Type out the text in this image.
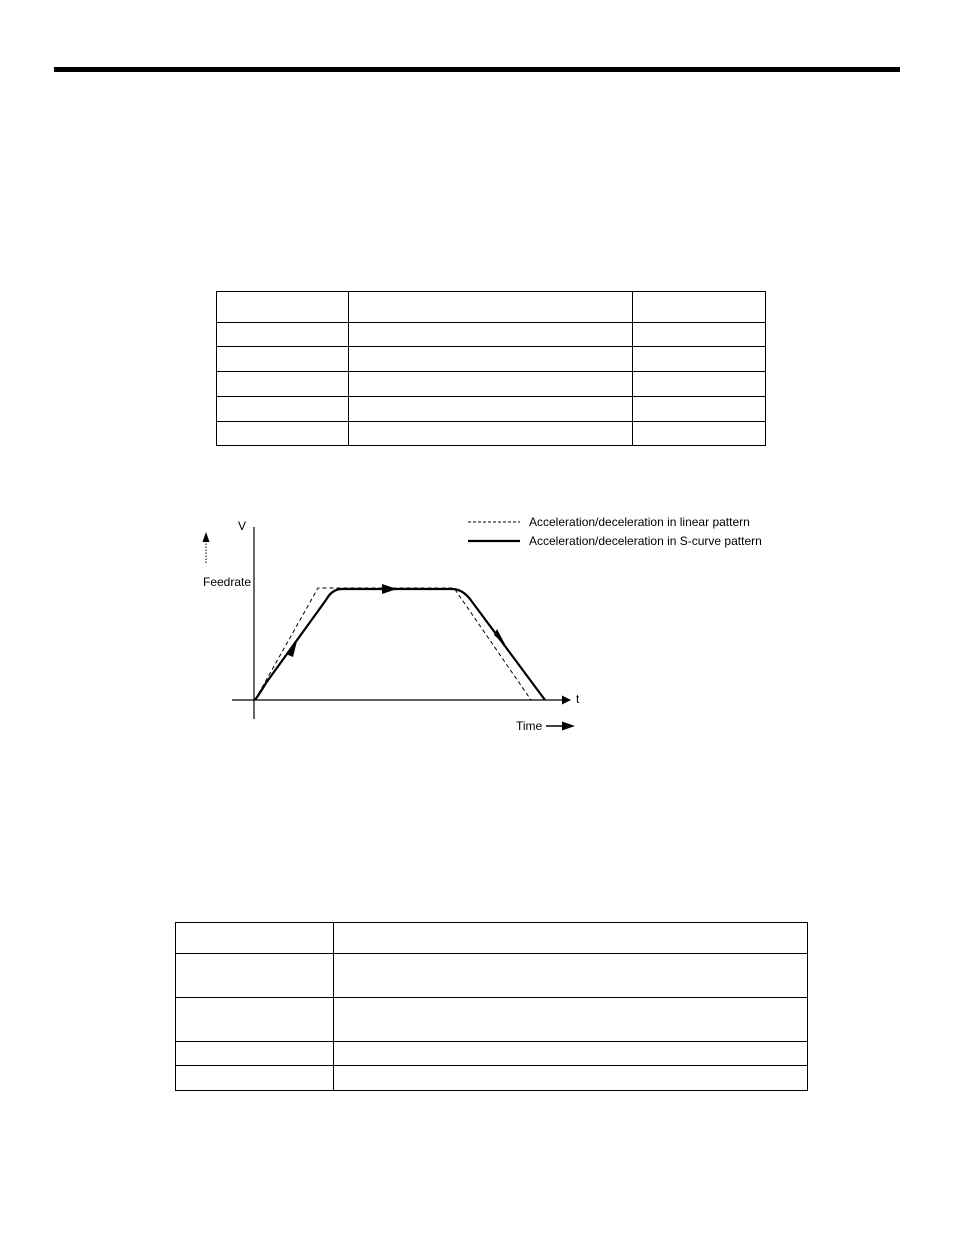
V
Feedrate
t
Time
Acceleration/deceleration in linear pattern
Acceleration/deceleration in S-curve pattern
